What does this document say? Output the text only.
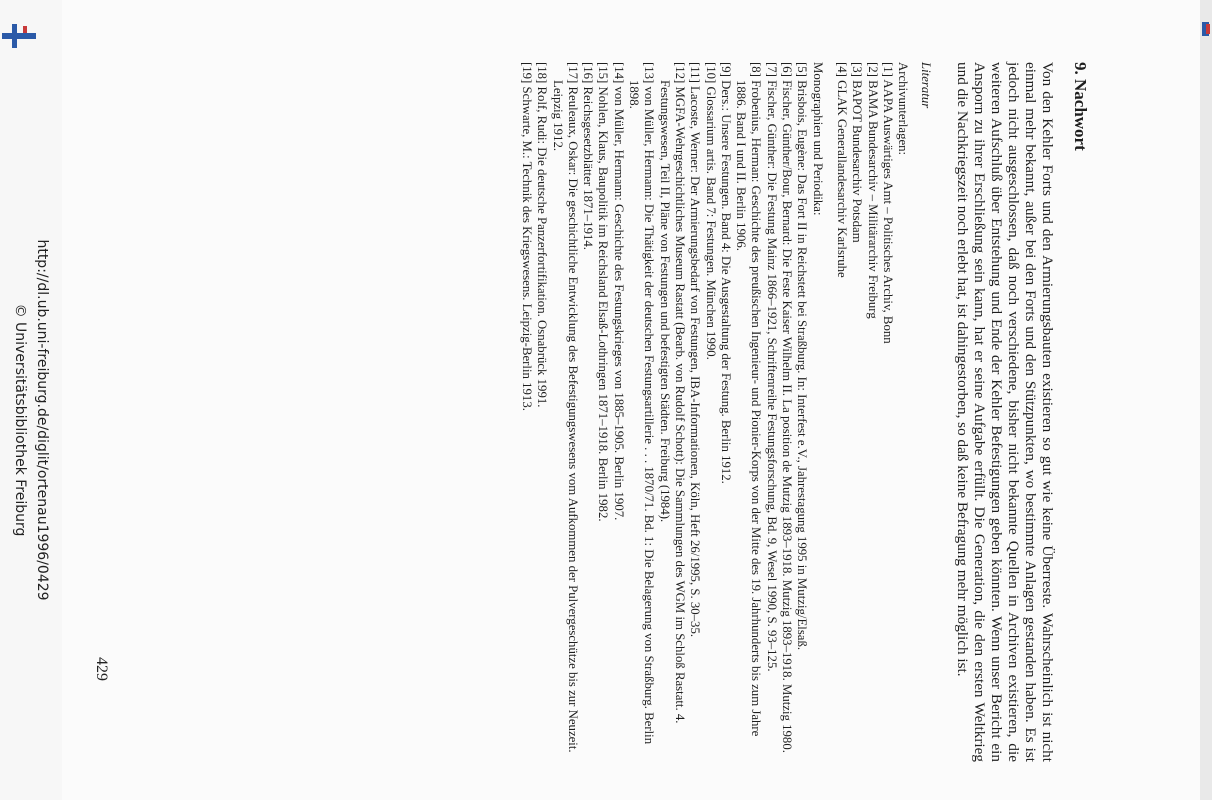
http://dl.ub.uni-freiburg.de/diglit/ortenau1996/0429
© Universitätsbibliothek Freiburg
429
9. Nachwort
Von den Kehler Forts und den Armierungsbauten existieren so gut wie keine Überreste. Wahrscheinlich ist nicht einmal mehr bekannt, außer bei den Forts und den Stützpunkten, wo bestimmte Anlagen gestanden haben. Es ist jedoch nicht ausgeschlossen, daß noch verschiedene, bisher nicht bekannte Quellen in Archiven existieren, die weiteren Aufschluß über Entstehung und Ende der Kehler Befestigungen geben könnten. Wenn unser Bericht ein Ansporn zu ihrer Erschließung sein kann, hat er seine Aufgabe erfüllt. Die Generation, die den ersten Weltkrieg und die Nachkriegszeit noch erlebt hat, ist dahingestorben, so daß keine Befragung mehr möglich ist.
Literatur
Archivunterlagen:
[1] AAPA Auswärtiges Amt – Politisches Archiv, Bonn
[2] BAMA Bundesarchiv – Militärarchiv Freiburg
[3] BAPOT Bundesarchiv Potsdam
[4] GLAK Generallandesarchiv Karlsruhe
Monographien und Periodika:
[5] Brisbois, Eugène: Das Fort II in Reichstett bei Straßburg. In: Interfest e.V., Jahrestagung 1995 in Mutzig/Elsaß.
[6] Fischer, Günther/Bour, Bernard: Die Feste Kaiser Wilhelm II. La position de Mutzig 1893–1918. Mutzig 1893–1918. Mutzig 1980.
[7] Fischer, Günther: Die Festung Mainz 1866–1921, Schriftenreihe Festungsforschung, Bd. 9, Wesel 1990, S. 93–125.
[8] Frobenius, Herman: Geschichte des preußischen Ingenieur- und Pionier-Korps von der Mitte des 19. Jahrhunderts bis zum Jahre 1886. Band I und II. Berlin 1906.
[9] Ders.: Unsere Festungen. Band 4: Die Ausgestaltung der Festung. Berlin 1912.
[10] Glossarium artis. Band 7: Festungen. München 1990.
[11] Lacoste, Werner: Der Armierungsbedarf von Festungen, IBA-Informationen, Köln, Heft 26/1995, S. 30–35.
[12] MGFA-Wehrgeschichtliches Museum Rastatt (Bearb. von Rudolf Schott): Die Sammlungen des WGM im Schloß Rastatt. 4. Festungswesen, Teil II, Pläne von Festungen und befestigten Städten. Freiburg (1984).
[13] von Müller, Hermann: Die Thätigkeit der deutschen Festungsartillerie . . . 1870/71. Bd. 1: Die Belagerung von Straßburg. Berlin 1898.
[14] von Müller, Hermann: Geschichte des Festungskrieges von 1885–1905. Berlin 1907.
[15] Nohlen, Klaus, Baupolitik im Reichsland Elsaß-Lothringen 1871–1918. Berlin 1982.
[16] Reichsgesetzblätter 1871–1914.
[17] Reuleaux, Oskar: Die geschichtliche Entwicklung des Befestigungswesens vom Aufkommen der Pulvergeschütze bis zur Neuzeit. Leipzig 1912.
[18] Rolf, Rudi: Die deutsche Panzerfortifikation. Osnabrück 1991.
[19] Schwarte, M.: Technik des Kriegswesens. Leipzig-Berlin 1913.
